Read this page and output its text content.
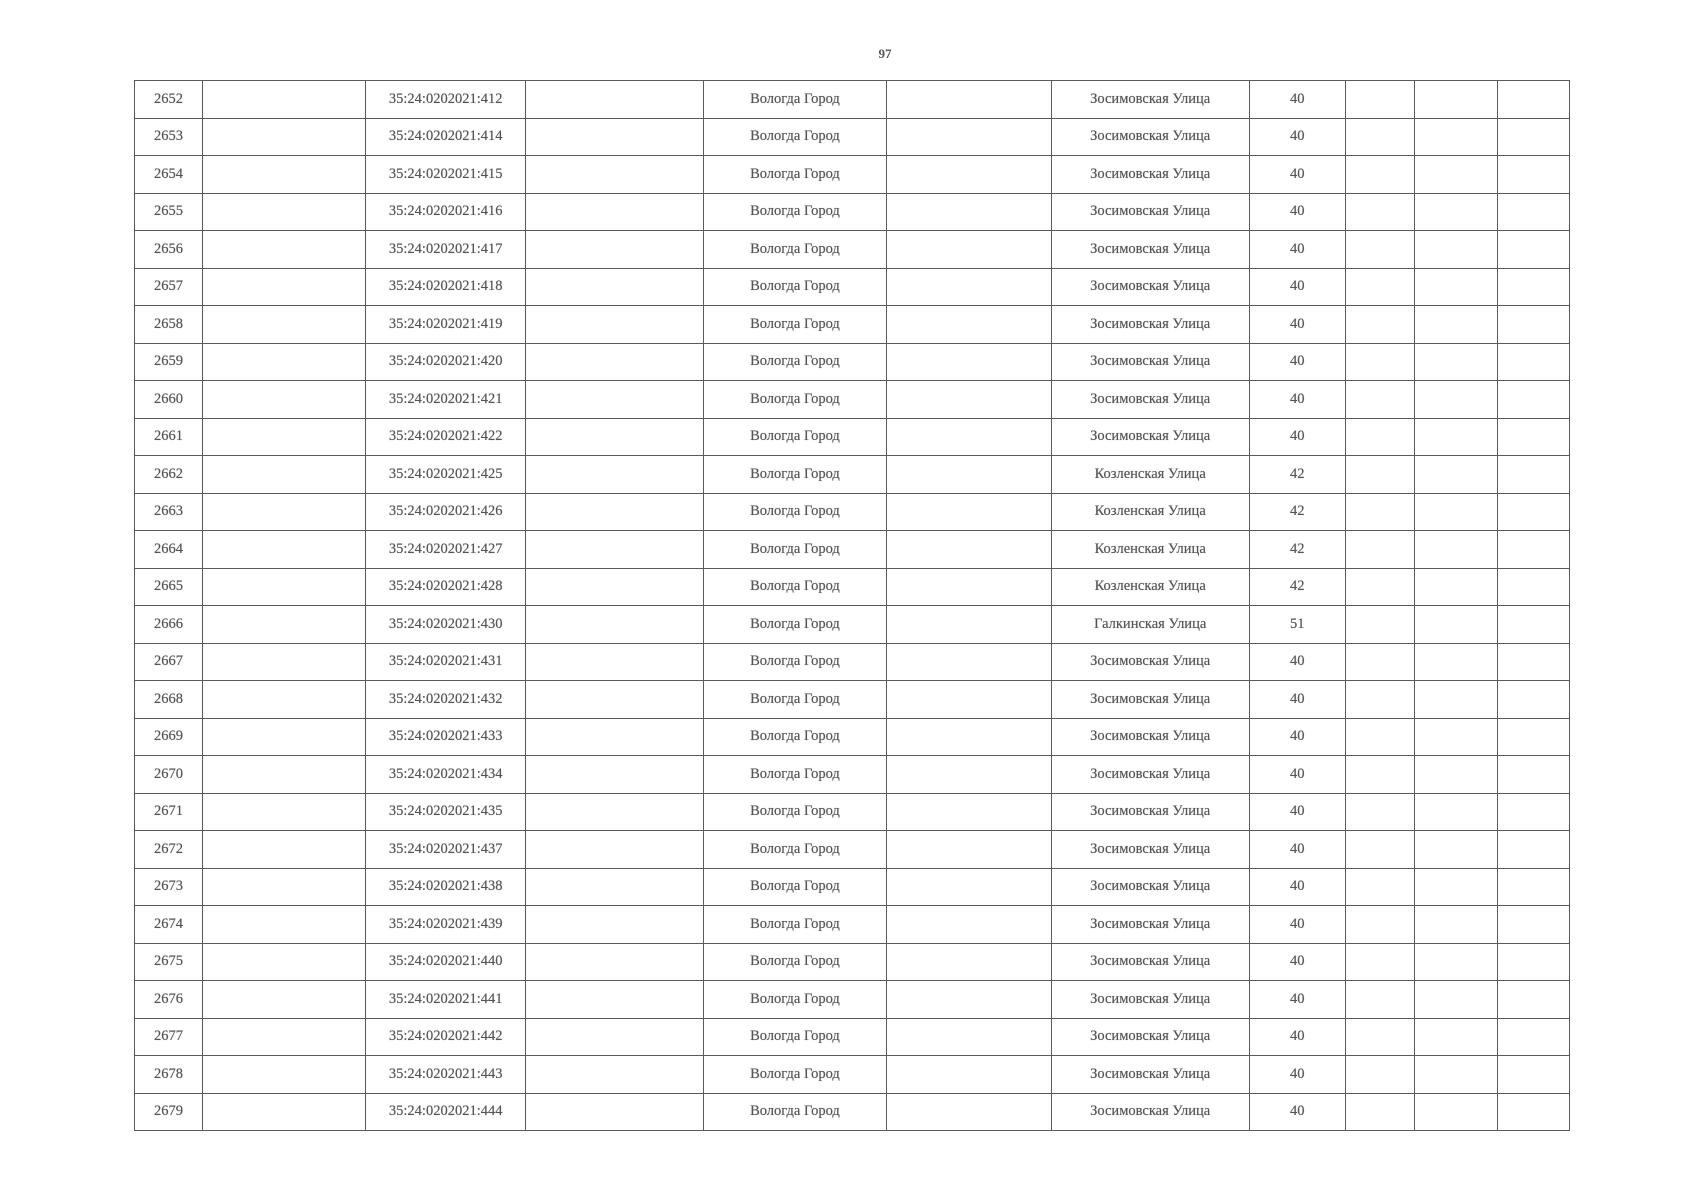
97
2652		35:24:0202021:412		Вологда Город		Зосимовская Улица	40			
2653		35:24:0202021:414		Вологда Город		Зосимовская Улица	40			
2654		35:24:0202021:415		Вологда Город		Зосимовская Улица	40			
2655		35:24:0202021:416		Вологда Город		Зосимовская Улица	40			
2656		35:24:0202021:417		Вологда Город		Зосимовская Улица	40			
2657		35:24:0202021:418		Вологда Город		Зосимовская Улица	40			
2658		35:24:0202021:419		Вологда Город		Зосимовская Улица	40			
2659		35:24:0202021:420		Вологда Город		Зосимовская Улица	40			
2660		35:24:0202021:421		Вологда Город		Зосимовская Улица	40			
2661		35:24:0202021:422		Вологда Город		Зосимовская Улица	40			
2662		35:24:0202021:425		Вологда Город		Козленская Улица	42			
2663		35:24:0202021:426		Вологда Город		Козленская Улица	42			
2664		35:24:0202021:427		Вологда Город		Козленская Улица	42			
2665		35:24:0202021:428		Вологда Город		Козленская Улица	42			
2666		35:24:0202021:430		Вологда Город		Галкинская Улица	51			
2667		35:24:0202021:431		Вологда Город		Зосимовская Улица	40			
2668		35:24:0202021:432		Вологда Город		Зосимовская Улица	40			
2669		35:24:0202021:433		Вологда Город		Зосимовская Улица	40			
2670		35:24:0202021:434		Вологда Город		Зосимовская Улица	40			
2671		35:24:0202021:435		Вологда Город		Зосимовская Улица	40			
2672		35:24:0202021:437		Вологда Город		Зосимовская Улица	40			
2673		35:24:0202021:438		Вологда Город		Зосимовская Улица	40			
2674		35:24:0202021:439		Вологда Город		Зосимовская Улица	40			
2675		35:24:0202021:440		Вологда Город		Зосимовская Улица	40			
2676		35:24:0202021:441		Вологда Город		Зосимовская Улица	40			
2677		35:24:0202021:442		Вологда Город		Зосимовская Улица	40			
2678		35:24:0202021:443		Вологда Город		Зосимовская Улица	40			
2679		35:24:0202021:444		Вологда Город		Зосимовская Улица	40			
